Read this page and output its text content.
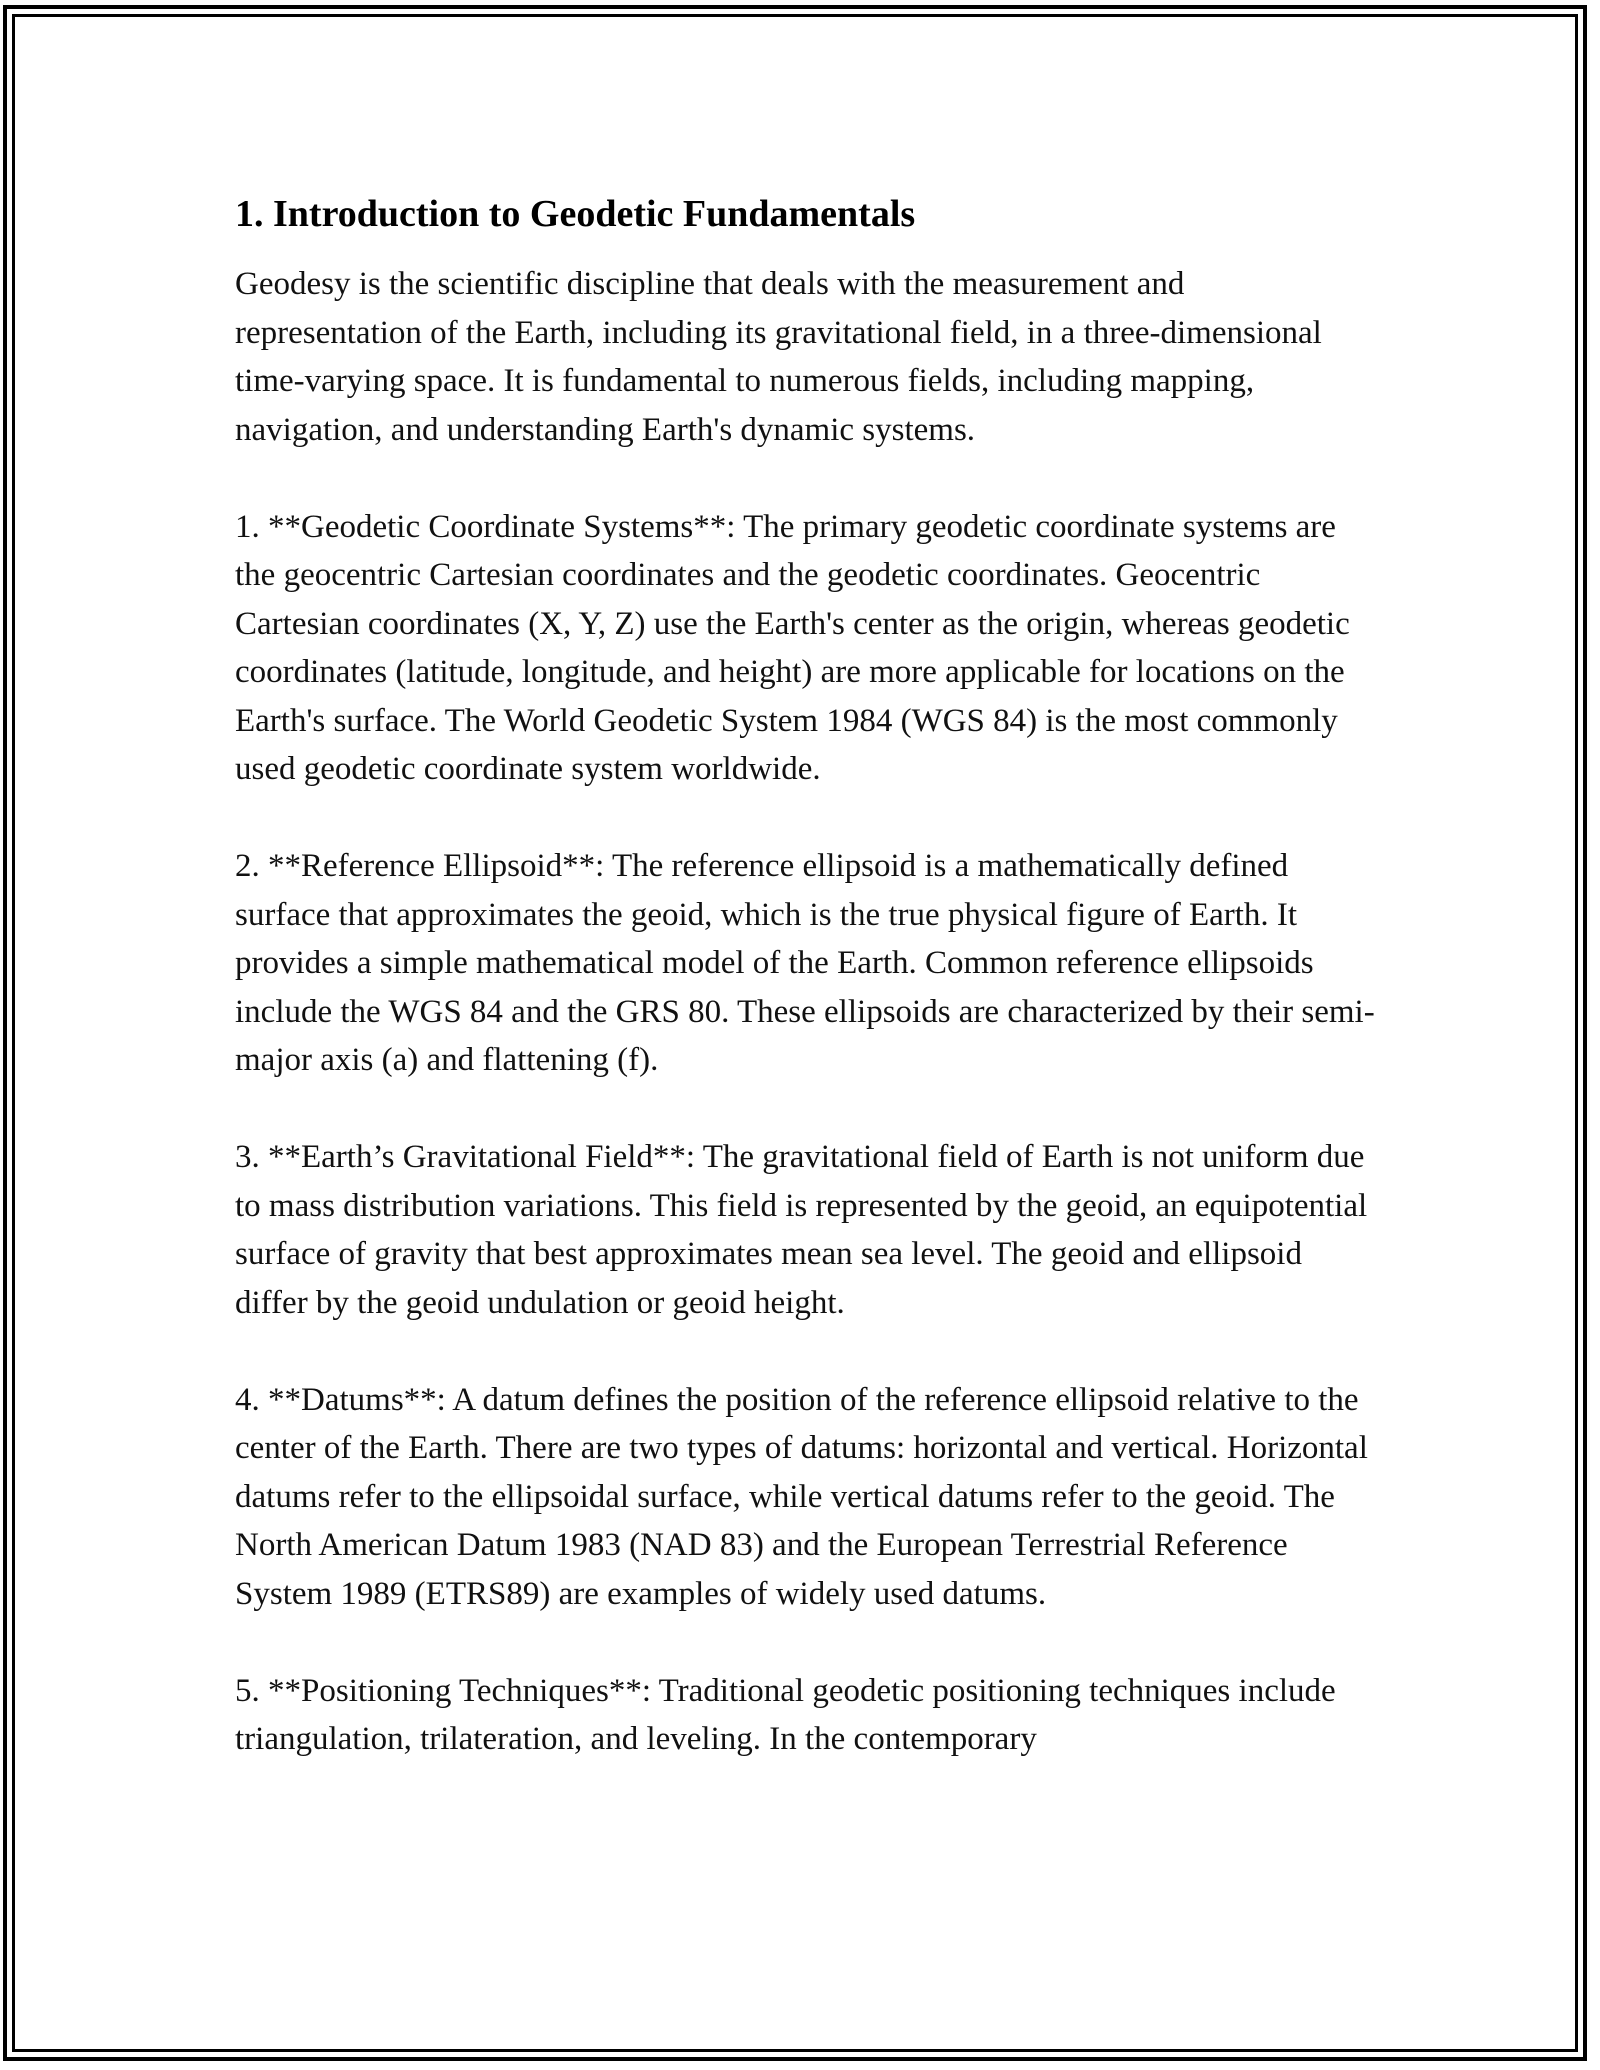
1. Introduction to Geodetic Fundamentals

Geodesy is the scientific discipline that deals with the measurement and representation of the Earth, including its gravitational field, in a three-dimensional time-varying space. It is fundamental to numerous fields, including mapping, navigation, and understanding Earth's dynamic systems.

1. **Geodetic Coordinate Systems**: The primary geodetic coordinate systems are the geocentric Cartesian coordinates and the geodetic coordinates. Geocentric Cartesian coordinates (X, Y, Z) use the Earth's center as the origin, whereas geodetic coordinates (latitude, longitude, and height) are more applicable for locations on the Earth's surface. The World Geodetic System 1984 (WGS 84) is the most commonly used geodetic coordinate system worldwide.

2. **Reference Ellipsoid**: The reference ellipsoid is a mathematically defined surface that approximates the geoid, which is the true physical figure of Earth. It provides a simple mathematical model of the Earth. Common reference ellipsoids include the WGS 84 and the GRS 80. These ellipsoids are characterized by their semi-major axis (a) and flattening (f).

3. **Earth’s Gravitational Field**: The gravitational field of Earth is not uniform due to mass distribution variations. This field is represented by the geoid, an equipotential surface of gravity that best approximates mean sea level. The geoid and ellipsoid differ by the geoid undulation or geoid height.

4. **Datums**: A datum defines the position of the reference ellipsoid relative to the center of the Earth. There are two types of datums: horizontal and vertical. Horizontal datums refer to the ellipsoidal surface, while vertical datums refer to the geoid. The North American Datum 1983 (NAD 83) and the European Terrestrial Reference System 1989 (ETRS89) are examples of widely used datums.

5. **Positioning Techniques**: Traditional geodetic positioning techniques include triangulation, trilateration, and leveling. In the contemporary
